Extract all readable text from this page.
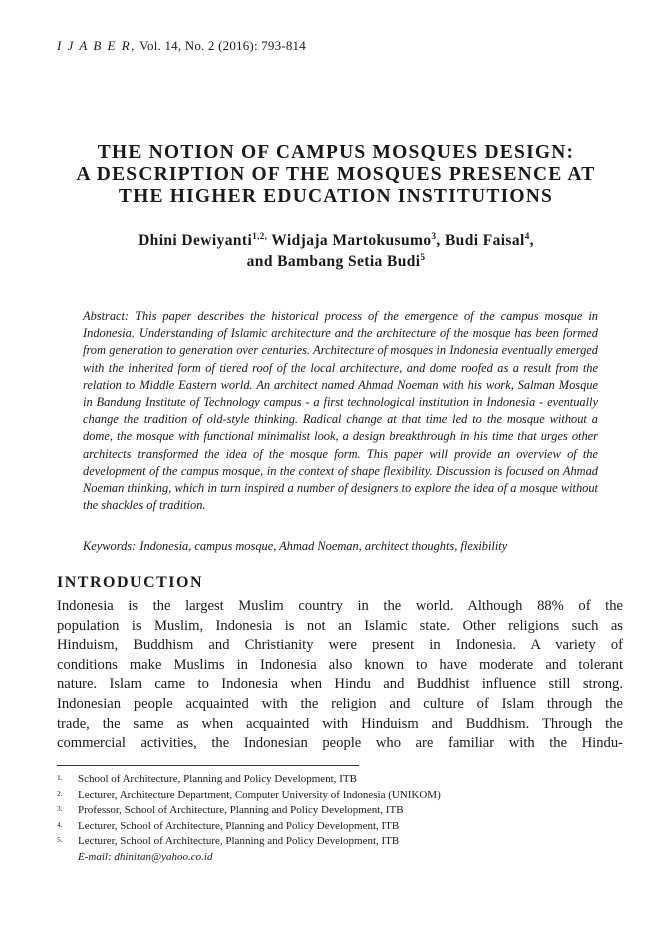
I J A B E R, Vol. 14, No. 2 (2016): 793-814
THE NOTION OF CAMPUS MOSQUES DESIGN:
A DESCRIPTION OF THE MOSQUES PRESENCE AT
THE HIGHER EDUCATION INSTITUTIONS
Dhini Dewiyanti$^{1,2,}$ Widjaja Martokusumo$^3$, Budi Faisal$^4$,
and Bambang Setia Budi$^5$
Abstract: This paper describes the historical process of the emergence of the campus mosque in Indonesia. Understanding of Islamic architecture and the architecture of the mosque has been formed from generation to generation over centuries. Architecture of mosques in Indonesia eventually emerged with the inherited form of tiered roof of the local architecture, and dome roofed as a result from the relation to Middle Eastern world. An architect named Ahmad Noeman with his work, Salman Mosque in Bandung Institute of Technology campus - a first technological institution in Indonesia - eventually change the tradition of old-style thinking. Radical change at that time led to the mosque without a dome, the mosque with functional minimalist look, a design breakthrough in his time that urges other architects transformed the idea of the mosque form. This paper will provide an overview of the development of the campus mosque, in the context of shape flexibility. Discussion is focused on Ahmad Noeman thinking, which in turn inspired a number of designers to explore the idea of a mosque without the shackles of tradition.
Keywords: Indonesia, campus mosque, Ahmad Noeman, architect thoughts, flexibility
INTRODUCTION
Indonesia is the largest Muslim country in the world. Although 88% of the
population is Muslim, Indonesia is not an Islamic state. Other religions such as
Hinduism, Buddhism and Christianity were present in Indonesia. A variety of
conditions make Muslims in Indonesia also known to have moderate and tolerant
nature. Islam came to Indonesia when Hindu and Buddhist influence still strong.
Indonesian people acquainted with the religion and culture of Islam through the
trade, the same as when acquainted with Hinduism and Buddhism. Through the
commercial activities, the Indonesian people who are familiar with the Hindu-
1. School of Architecture, Planning and Policy Development, ITB
2. Lecturer, Architecture Department, Computer University of Indonesia (UNIKOM)
3. Professor, School of Architecture, Planning and Policy Development, ITB
4. Lecturer, School of Architecture, Planning and Policy Development, ITB
5. Lecturer, School of Architecture, Planning and Policy Development, ITB
E-mail: dhinitan@yahoo.co.id
